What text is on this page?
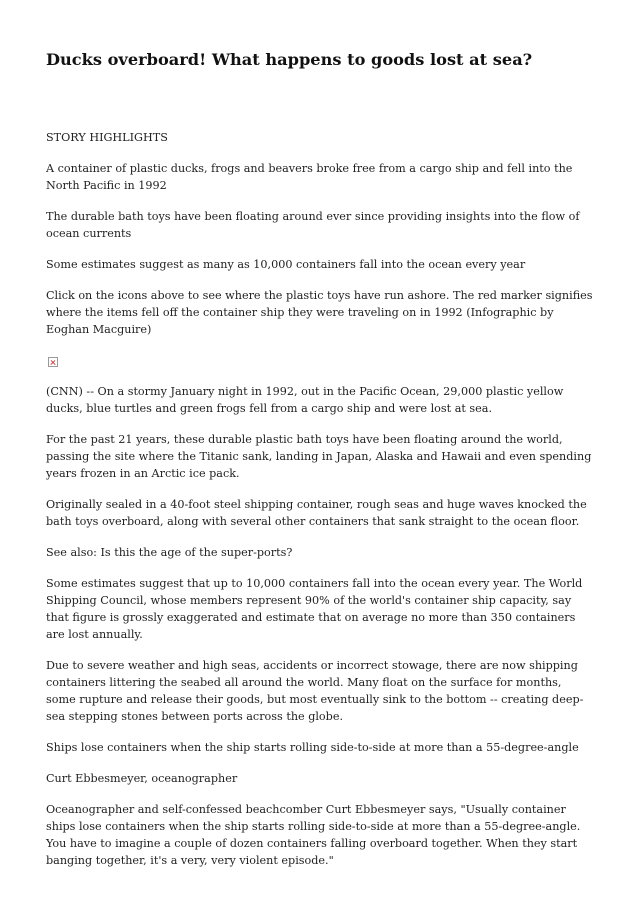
Ducks overboard! What happens to goods lost at sea?

STORY HIGHLIGHTS

A container of plastic ducks, frogs and beavers broke free from a cargo ship and fell into the North Pacific in 1992

The durable bath toys have been floating around ever since providing insights into the flow of ocean currents

Some estimates suggest as many as 10,000 containers fall into the ocean every year

Click on the icons above to see where the plastic toys have run ashore. The red marker signifies where the items fell off the container ship they were traveling on in 1992 (Infographic by Eoghan Macguire)

(CNN) -- On a stormy January night in 1992, out in the Pacific Ocean, 29,000 plastic yellow ducks, blue turtles and green frogs fell from a cargo ship and were lost at sea.

For the past 21 years, these durable plastic bath toys have been floating around the world, passing the site where the Titanic sank, landing in Japan, Alaska and Hawaii and even spending years frozen in an Arctic ice pack.

Originally sealed in a 40-foot steel shipping container, rough seas and huge waves knocked the bath toys overboard, along with several other containers that sank straight to the ocean floor.

See also: Is this the age of the super-ports?

Some estimates suggest that up to 10,000 containers fall into the ocean every year. The World Shipping Council, whose members represent 90% of the world's container ship capacity, say that figure is grossly exaggerated and estimate that on average no more than 350 containers are lost annually.

Due to severe weather and high seas, accidents or incorrect stowage, there are now shipping containers littering the seabed all around the world. Many float on the surface for months, some rupture and release their goods, but most eventually sink to the bottom -- creating deep-sea stepping stones between ports across the globe.

Ships lose containers when the ship starts rolling side-to-side at more than a 55-degree-angle

Curt Ebbesmeyer, oceanographer

Oceanographer and self-confessed beachcomber Curt Ebbesmeyer says, "Usually container ships lose containers when the ship starts rolling side-to-side at more than a 55-degree-angle. You have to imagine a couple of dozen containers falling overboard together. When they start banging together, it's a very, very violent episode."
